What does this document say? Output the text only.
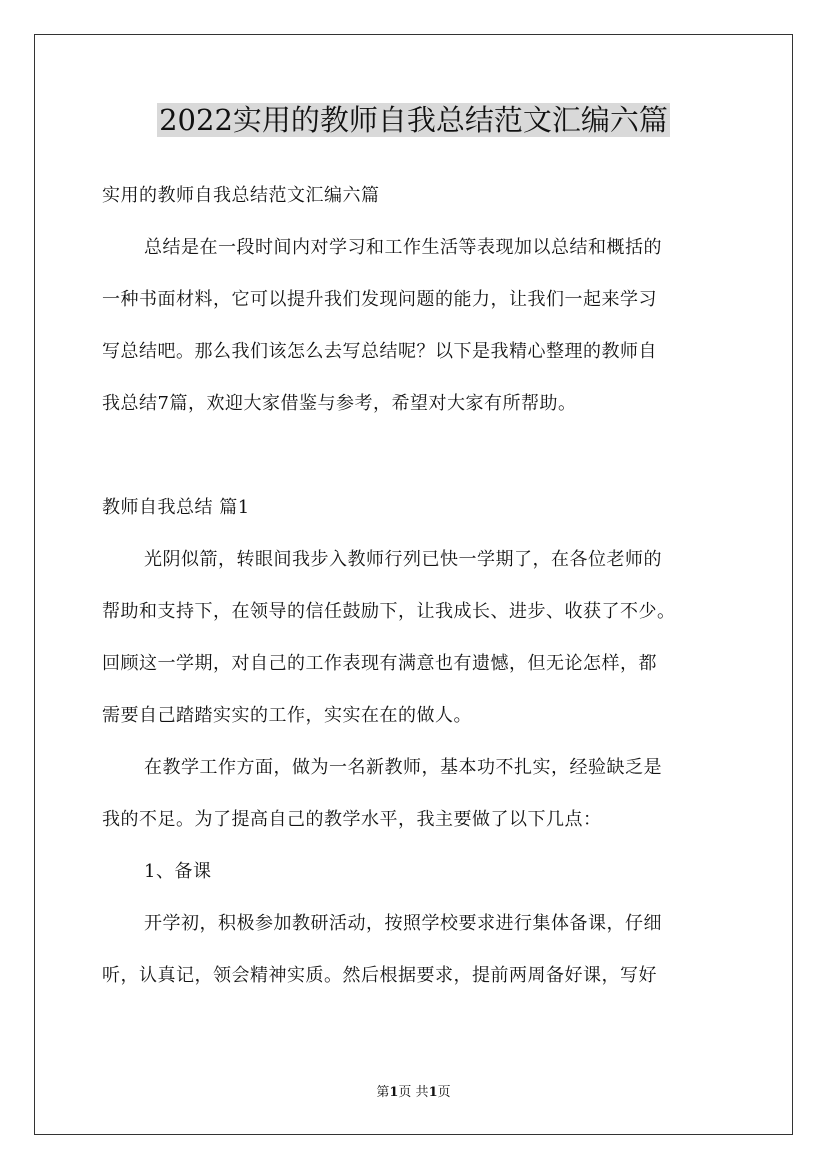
2022实用的教师自我总结范文汇编六篇
实用的教师自我总结范文汇编六篇
总结是在一段时间内对学习和工作生活等表现加以总结和概括的
一种书面材料，它可以提升我们发现问题的能力，让我们一起来学习
写总结吧。那么我们该怎么去写总结呢？以下是我精心整理的教师自
我总结7篇，欢迎大家借鉴与参考，希望对大家有所帮助。
教师自我总结 篇1
光阴似箭，转眼间我步入教师行列已快一学期了，在各位老师的
帮助和支持下，在领导的信任鼓励下，让我成长、进步、收获了不少。
回顾这一学期，对自己的工作表现有满意也有遗憾，但无论怎样，都
需要自己踏踏实实的工作，实实在在的做人。
在教学工作方面，做为一名新教师，基本功不扎实，经验缺乏是
我的不足。为了提高自己的教学水平，我主要做了以下几点：
1、备课
开学初，积极参加教研活动，按照学校要求进行集体备课，仔细
听，认真记，领会精神实质。然后根据要求，提前两周备好课，写好
第1页 共1页
